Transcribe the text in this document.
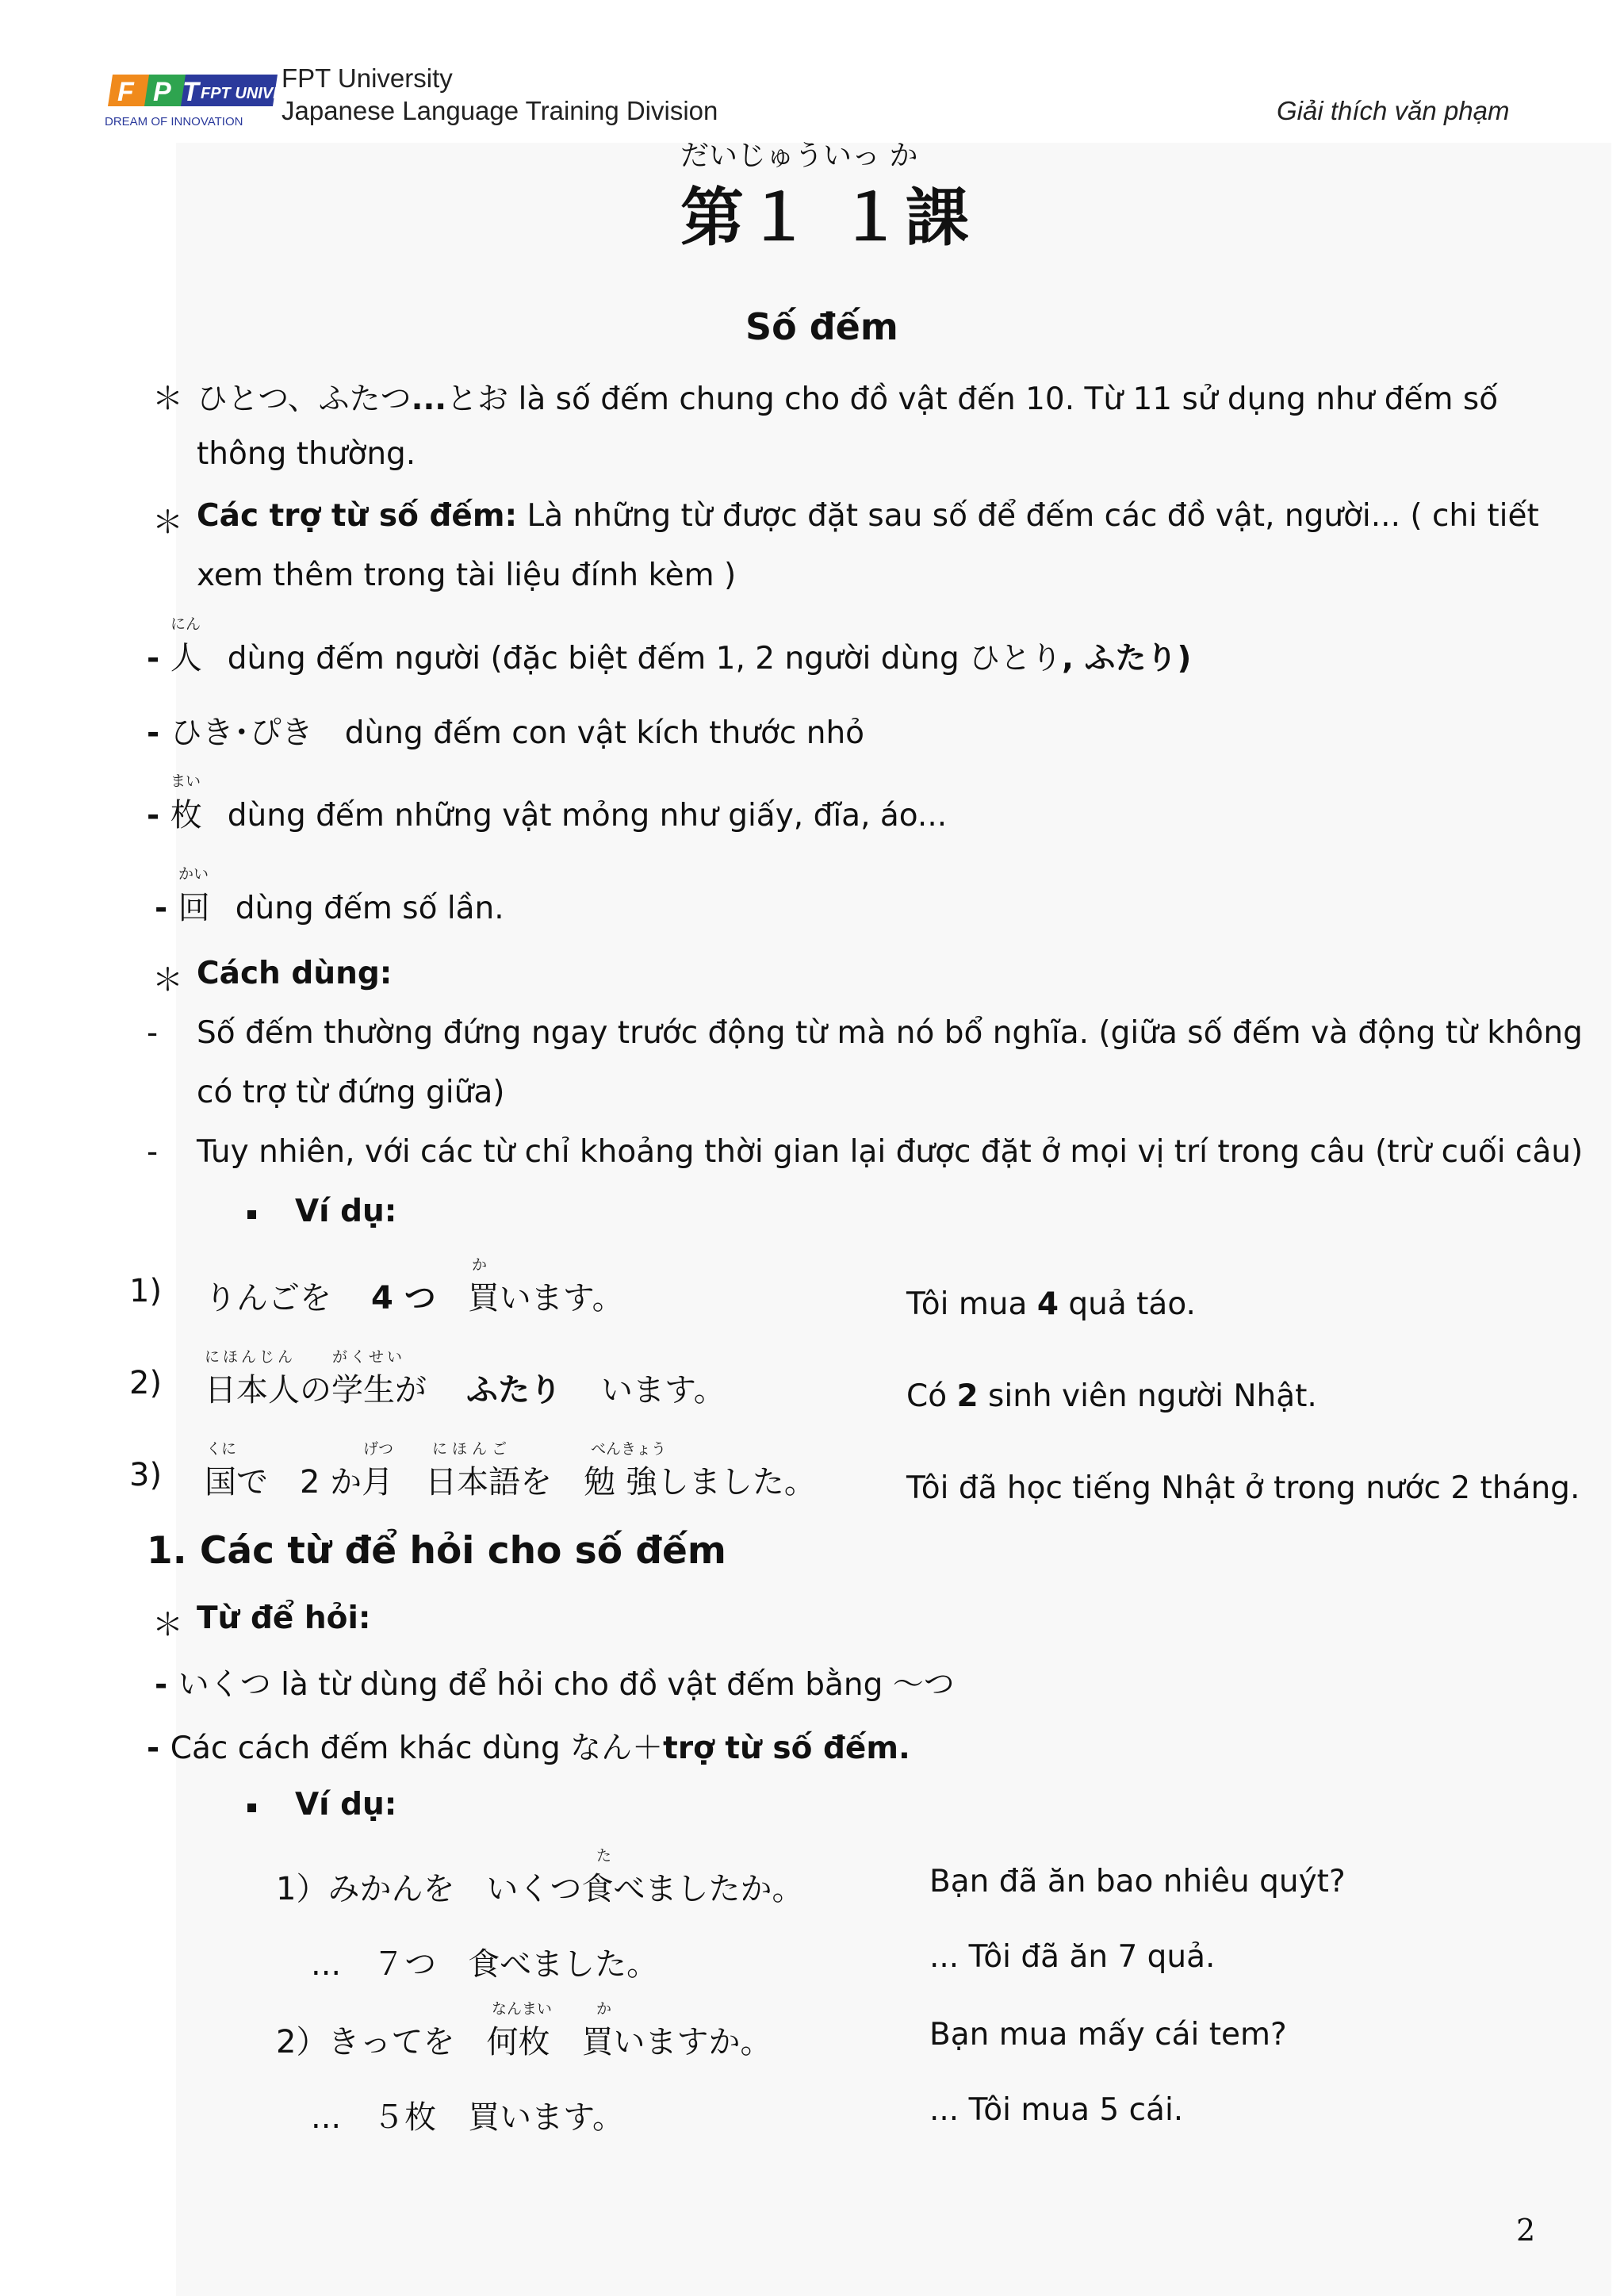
F P T FPT UNIVERSITY
DREAM OF INNOVATION
FPT University
Japanese Language Training Division	Giải thích văn phạm
だいじゅういっ か
第１ １課
Số đếm
＊ ひとつ、ふたつ...とお là số đếm chung cho đồ vật đến 10. Từ 11 sử dụng như đếm số
thông thường.
＊ Các trợ từ số đếm: Là những từ được đặt sau số để đếm các đồ vật, người... ( chi tiết
xem thêm trong tài liệu đính kèm )
にん
- 人 dùng đếm người (đặc biệt đếm 1, 2 người dùng ひとり, ふたり)
- ひき･ぴき dùng đếm con vật kích thước nhỏ
まい
- 枚 dùng đếm những vật mỏng như giấy, đĩa, áo...
かい
- 回 dùng đếm số lần.
＊ Cách dùng:
- Số đếm thường đứng ngay trước động từ mà nó bổ nghĩa. (giữa số đếm và động từ không
có trợ từ đứng giữa)
- Tuy nhiên, với các từ chỉ khoảng thời gian lại được đặt ở mọi vị trí trong câu (trừ cuối câu)
Ví dụ:
か
1) りんごを 4 つ 買います。	Tôi mua 4 quả táo.
にほんじん　　がくせい
2) 日本人の学生が ふたり います。	Có 2 sinh viên người Nhật.
くに	げつ	に ほ ん ご	べんきょう
3) 国で 2 か月 日本語を 勉 強しました。	Tôi đã học tiếng Nhật ở trong nước 2 tháng.
1. Các từ để hỏi cho số đếm
＊ Từ để hỏi:
- いくつ là từ dùng để hỏi cho đồ vật đếm bằng ～つ
- Các cách đếm khác dùng なん＋trợ từ số đếm.
Ví dụ:
た
1）みかんを　いくつ食べましたか。	Bạn đã ăn bao nhiêu quýt?
...　７つ　食べました。	... Tôi đã ăn 7 quả.
なんまい	か
2）きってを　何枚　買いますか。	Bạn mua mấy cái tem?
...　５枚　買います。	... Tôi mua 5 cái.
2
